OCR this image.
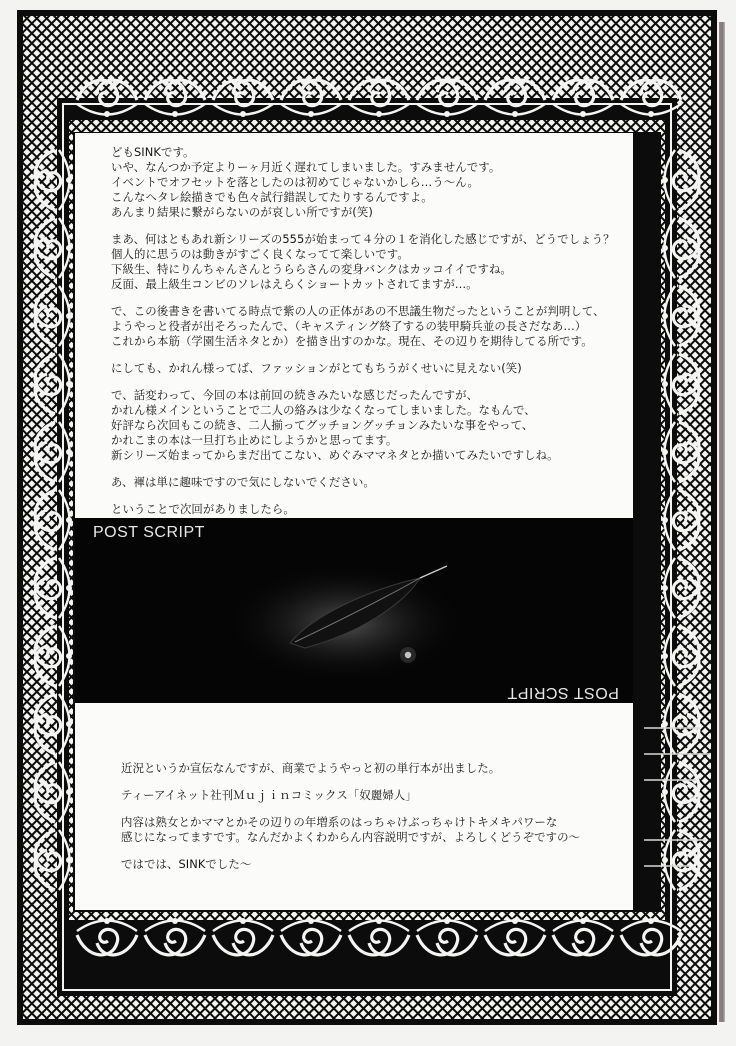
どもSINKです。
いや、なんつか予定よりーヶ月近く遅れてしまいました。すみませんです。
イベントでオフセットを落としたのは初めてじゃないかしら…う～ん。
こんなヘタレ絵描きでも色々試行錯誤してたりするんですよ。
あんまり結果に繋がらないのが哀しい所ですが(笑)
まあ、何はともあれ新シリーズの555が始まって４分の１を消化した感じですが、どうでしょう？
個人的に思うのは動きがすごく良くなってて楽しいです。
下級生、特にりんちゃんさんとうららさんの変身バンクはカッコイイですね。
反面、最上級生コンビのソレはえらくショートカットされてますが…。
で、この後書きを書いてる時点で紫の人の正体があの不思議生物だったということが判明して、
ようやっと役者が出そろったんで、（キャスティング終了するの装甲騎兵並の長さだなあ…）
これから本筋（学園生活ネタとか）を描き出すのかな。現在、その辺りを期待してる所です。
にしても、かれん様ってば、ファッションがとてもちうがくせいに見えない(笑)
で、話変わって、今回の本は前回の続きみたいな感じだったんですが、
かれん様メインということで二人の絡みは少なくなってしまいました。なもんで、
好評なら次回もこの続き、二人揃ってグッチョングッチョンみたいな事をやって、
かれこまの本は一旦打ち止めにしようかと思ってます。
新シリーズ始まってからまだ出てこない、めぐみママネタとか描いてみたいですしね。
あ、褌は単に趣味ですので気にしないでください。
ということで次回がありましたら。
POST SCRIPT
POST SCRIPT
近況というか宣伝なんですが、商業でようやっと初の単行本が出ました。
ティーアイネット社刊Ｍｕｊｉｎコミックス「奴麗婦人」
内容は熟女とかママとかその辺りの年増系のはっちゃけぶっちゃけトキメキパワーな
感じになってますです。なんだかよくわからん内容説明ですが、よろしくどうぞですの～
ではでは、SINKでした～
